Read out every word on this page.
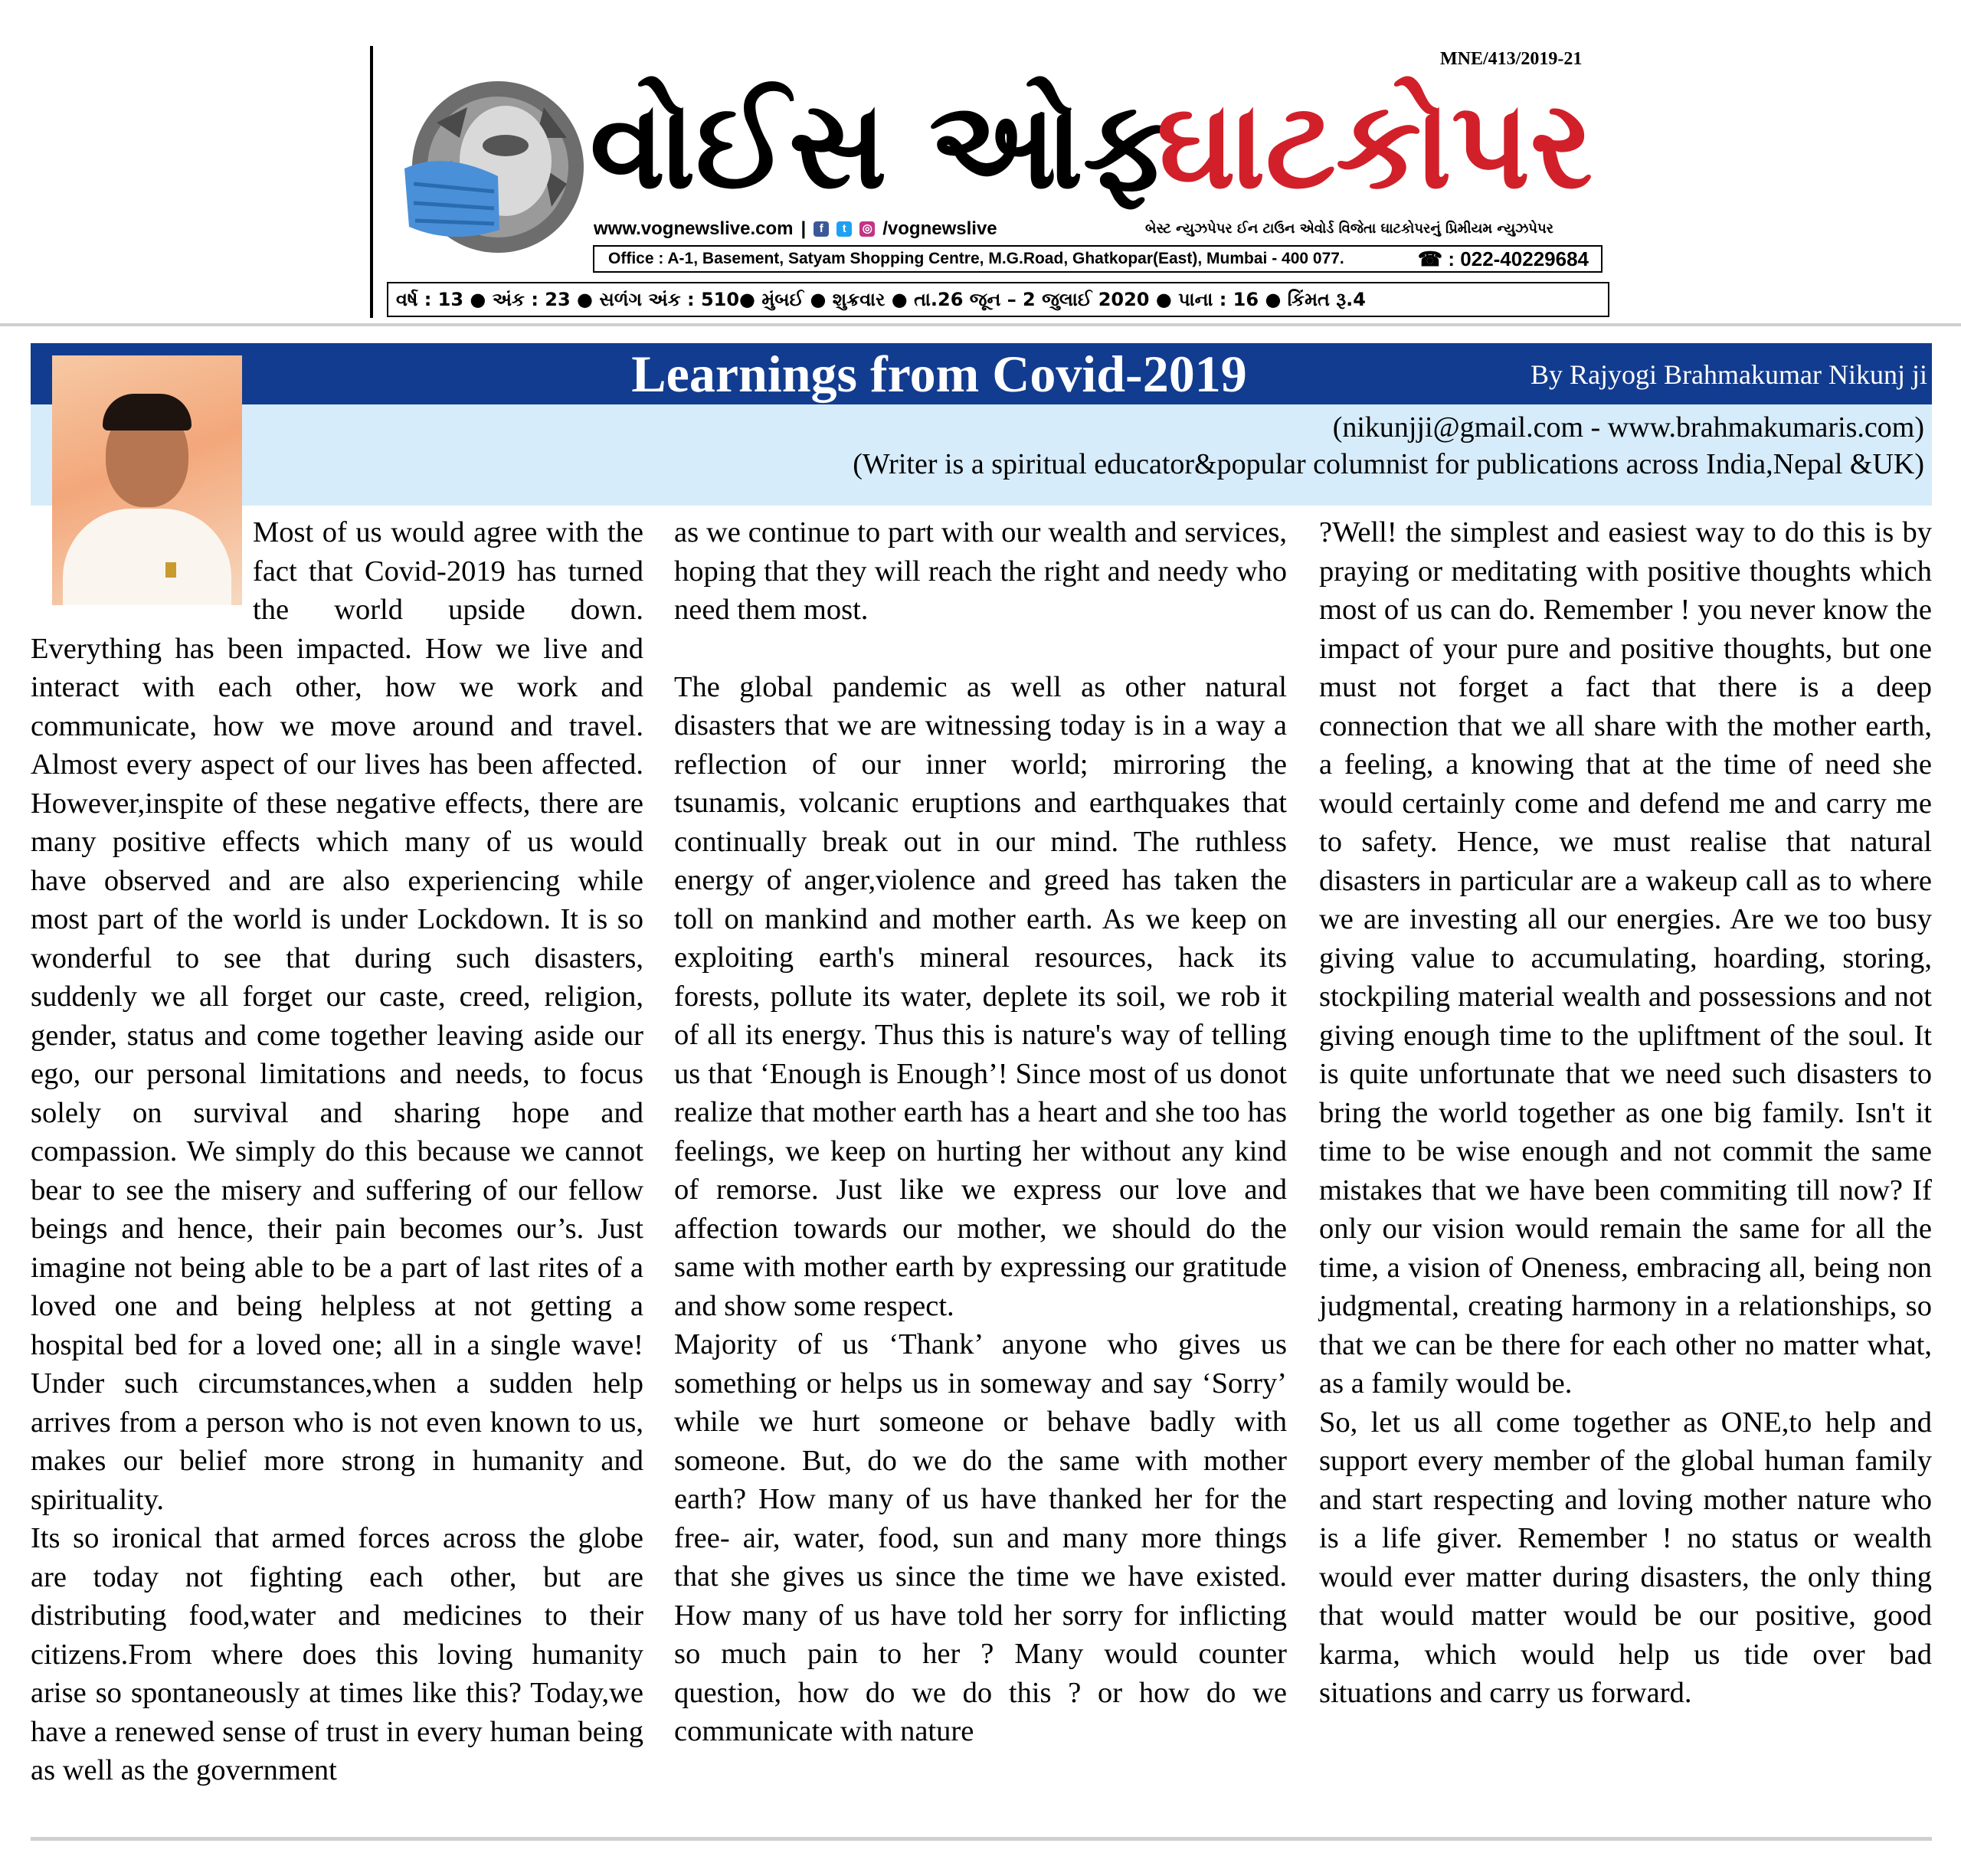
MNE/413/2019-21
વોઈસ ઓફ
ઘાટકોપર
www.vognewslive.com |	f	t	◎ /vognewslive	બેસ્ટ ન્યુઝપેપર ઈન ટાઉન એવોર્ડ વિજેતા ઘાટકોપરનું પ્રિમીયમ ન્યુઝપેપર
Office : A-1, Basement, Satyam Shopping Centre, M.G.Road, Ghatkopar(East), Mumbai - 400 077.	☎ : 022-40229684
વર્ષ : 13 ● અંક : 23 ● સળંગ અંક : 510● મુંબઈ ● શુક્રવાર ● તા.26 જૂન – 2 જુલાઈ 2020 ● પાના : 16 ● કિંમત રૂ.4
Learnings from Covid-2019	By Rajyogi Brahmakumar Nikunj ji
(nikunjji@gmail.com - www.brahmakumaris.com)
(Writer is a spiritual educator&popular columnist for publications across India,Nepal &UK)

Most of us would agree with the fact that Covid-2019 has turned the world upside down. Everything has been impacted. How we live and interact with each other, how we work and communicate, how we move around and travel. Almost every aspect of our lives has been affected. However,inspite of these negative effects, there are many positive effects which many of us would have observed and are also experiencing while most part of the world is under Lockdown. It is so wonderful to see that during such disasters, suddenly we all forget our caste, creed, religion, gender, status and come together leaving aside our ego, our personal limitations and needs, to focus solely on survival and sharing hope and compassion. We simply do this because we cannot bear to see the misery and suffering of our fellow beings and hence, their pain becomes our’s. Just imagine not being able to be a part of last rites of a loved one and being helpless at not getting a hospital bed for a loved one; all in a single wave! Under such circumstances,when a sudden help arrives from a person who is not even known to us, makes our belief more strong in humanity and spirituality.

Its so ironical that armed forces across the globe are today not fighting each other, but are distributing food,water and medicines to their citizens.From where does this loving humanity arise so spontaneously at times like this? Today,we have a renewed sense of trust in every human being as well as the government

as we continue to part with our wealth and services, hoping that they will reach the right and needy who need them most.

The global pandemic as well as other natural disasters that we are witnessing today is in a way a reflection of our inner world; mirroring the tsunamis, volcanic eruptions and earthquakes that continually break out in our mind. The ruthless energy of anger,violence and greed has taken the toll on mankind and mother earth. As we keep on exploiting earth's mineral resources, hack its forests, pollute its water, deplete its soil, we rob it of all its energy. Thus this is nature's way of telling us that ‘Enough is Enough’! Since most of us donot realize that mother earth has a heart and she too has feelings, we keep on hurting her without any kind of remorse. Just like we express our love and affection towards our mother, we should do the same with mother earth by expressing our gratitude and show some respect.

Majority of us ‘Thank’ anyone who gives us something or helps us in someway and say ‘Sorry’ while we hurt someone or behave badly with someone. But, do we do the same with mother earth? How many of us have thanked her for the free- air, water, food, sun and many more things that she gives us since the time we have existed. How many of us have told her sorry for inflicting so much pain to her ? Many would counter question, how do we do this ? or how do we communicate with nature

?Well! the simplest and easiest way to do this is by praying or meditating with positive thoughts which most of us can do. Remember ! you never know the impact of your pure and positive thoughts, but one must not forget a fact that there is a deep connection that we all share with the mother earth, a feeling, a knowing that at the time of need she would certainly come and defend me and carry me to safety. Hence, we must realise that natural disasters in particular are a wakeup call as to where we are investing all our energies. Are we too busy giving value to accumulating, hoarding, storing, stockpiling material wealth and possessions and not giving enough time to the upliftment of the soul. It is quite unfortunate that we need such disasters to bring the world together as one big family. Isn't it time to be wise enough and not commit the same mistakes that we have been commiting till now? If only our vision would remain the same for all the time, a vision of Oneness, embracing all, being non judgmental, creating harmony in a relationships, so that we can be there for each other no matter what, as a family would be.

So, let us all come together as ONE,to help and support every member of the global human family and start respecting and loving mother nature who is a life giver. Remember ! no status or wealth would ever matter during disasters, the only thing that would matter would be our positive, good karma, which would help us tide over bad situations and carry us forward.
